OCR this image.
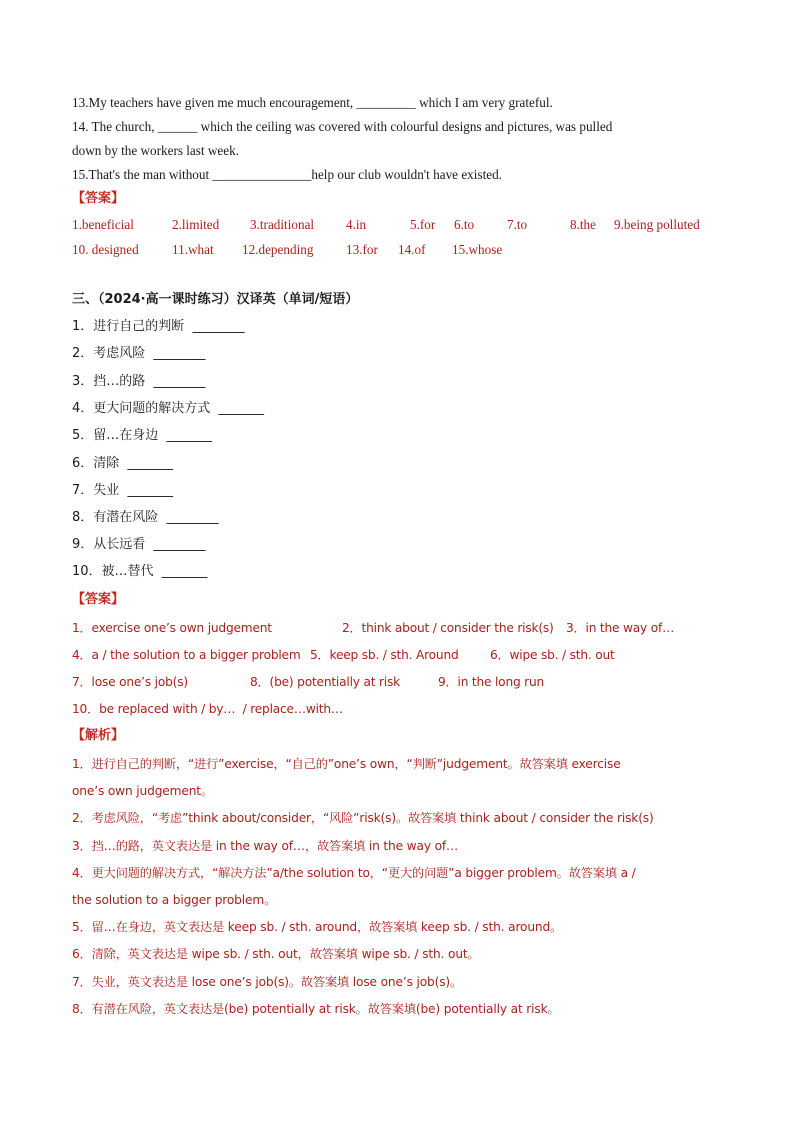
13.My teachers have given me much encouragement, _________ which I am very grateful.
14. The church, ______ which the ceiling was covered with colourful designs and pictures, was pulled
down by the workers last week.
15.That's the man without _______________help our club wouldn't have existed.
【答案】
1.beneficial	2.limited 3.traditional 4.in	5.for 6.to 7.to	8.the 9.being polluted
10. designed	11.what 12.depending 13.for 14.of 15.whose
三、（2024·高一课时练习）汉译英（单词/短语）
1．进行自己的判断  ________
2．考虑风险  ________
3．挡…的路  ________
4．更大问题的解决方式  _______
5．留…在身边  _______
6．清除  _______
7．失业  _______
8．有潜在风险  ________
9．从长远看  ________
10．被…替代  _______
【答案】
1．exercise one’s own judgement	2．think about / consider the risk(s) 3．in the way of…
4．a / the solution to a bigger problem 5．keep sb. / sth. Around	6．wipe sb. / sth. out
7．lose one’s job(s)	8．(be) potentially at risk	9．in the long run
10．be replaced with / by…  / replace…with…
【解析】
1．进行自己的判断，“进行”exercise，“自己的”one’s own，“判断”judgement。故答案填 exercise
one’s own judgement。
2．考虑风险，“考虑”think about/consider，“风险”risk(s)。故答案填 think about / consider the risk(s)
3．挡…的路，英文表达是 in the way of…，故答案填 in the way of…
4．更大问题的解决方式，“解决方法”a/the solution to，“更大的问题”a bigger problem。故答案填 a /
the solution to a bigger problem。
5．留…在身边，英文表达是 keep sb. / sth. around，故答案填 keep sb. / sth. around。
6．清除，英文表达是 wipe sb. / sth. out，故答案填 wipe sb. / sth. out。
7．失业，英文表达是 lose one’s job(s)。故答案填 lose one’s job(s)。
8．有潜在风险，英文表达是(be) potentially at risk。故答案填(be) potentially at risk。
